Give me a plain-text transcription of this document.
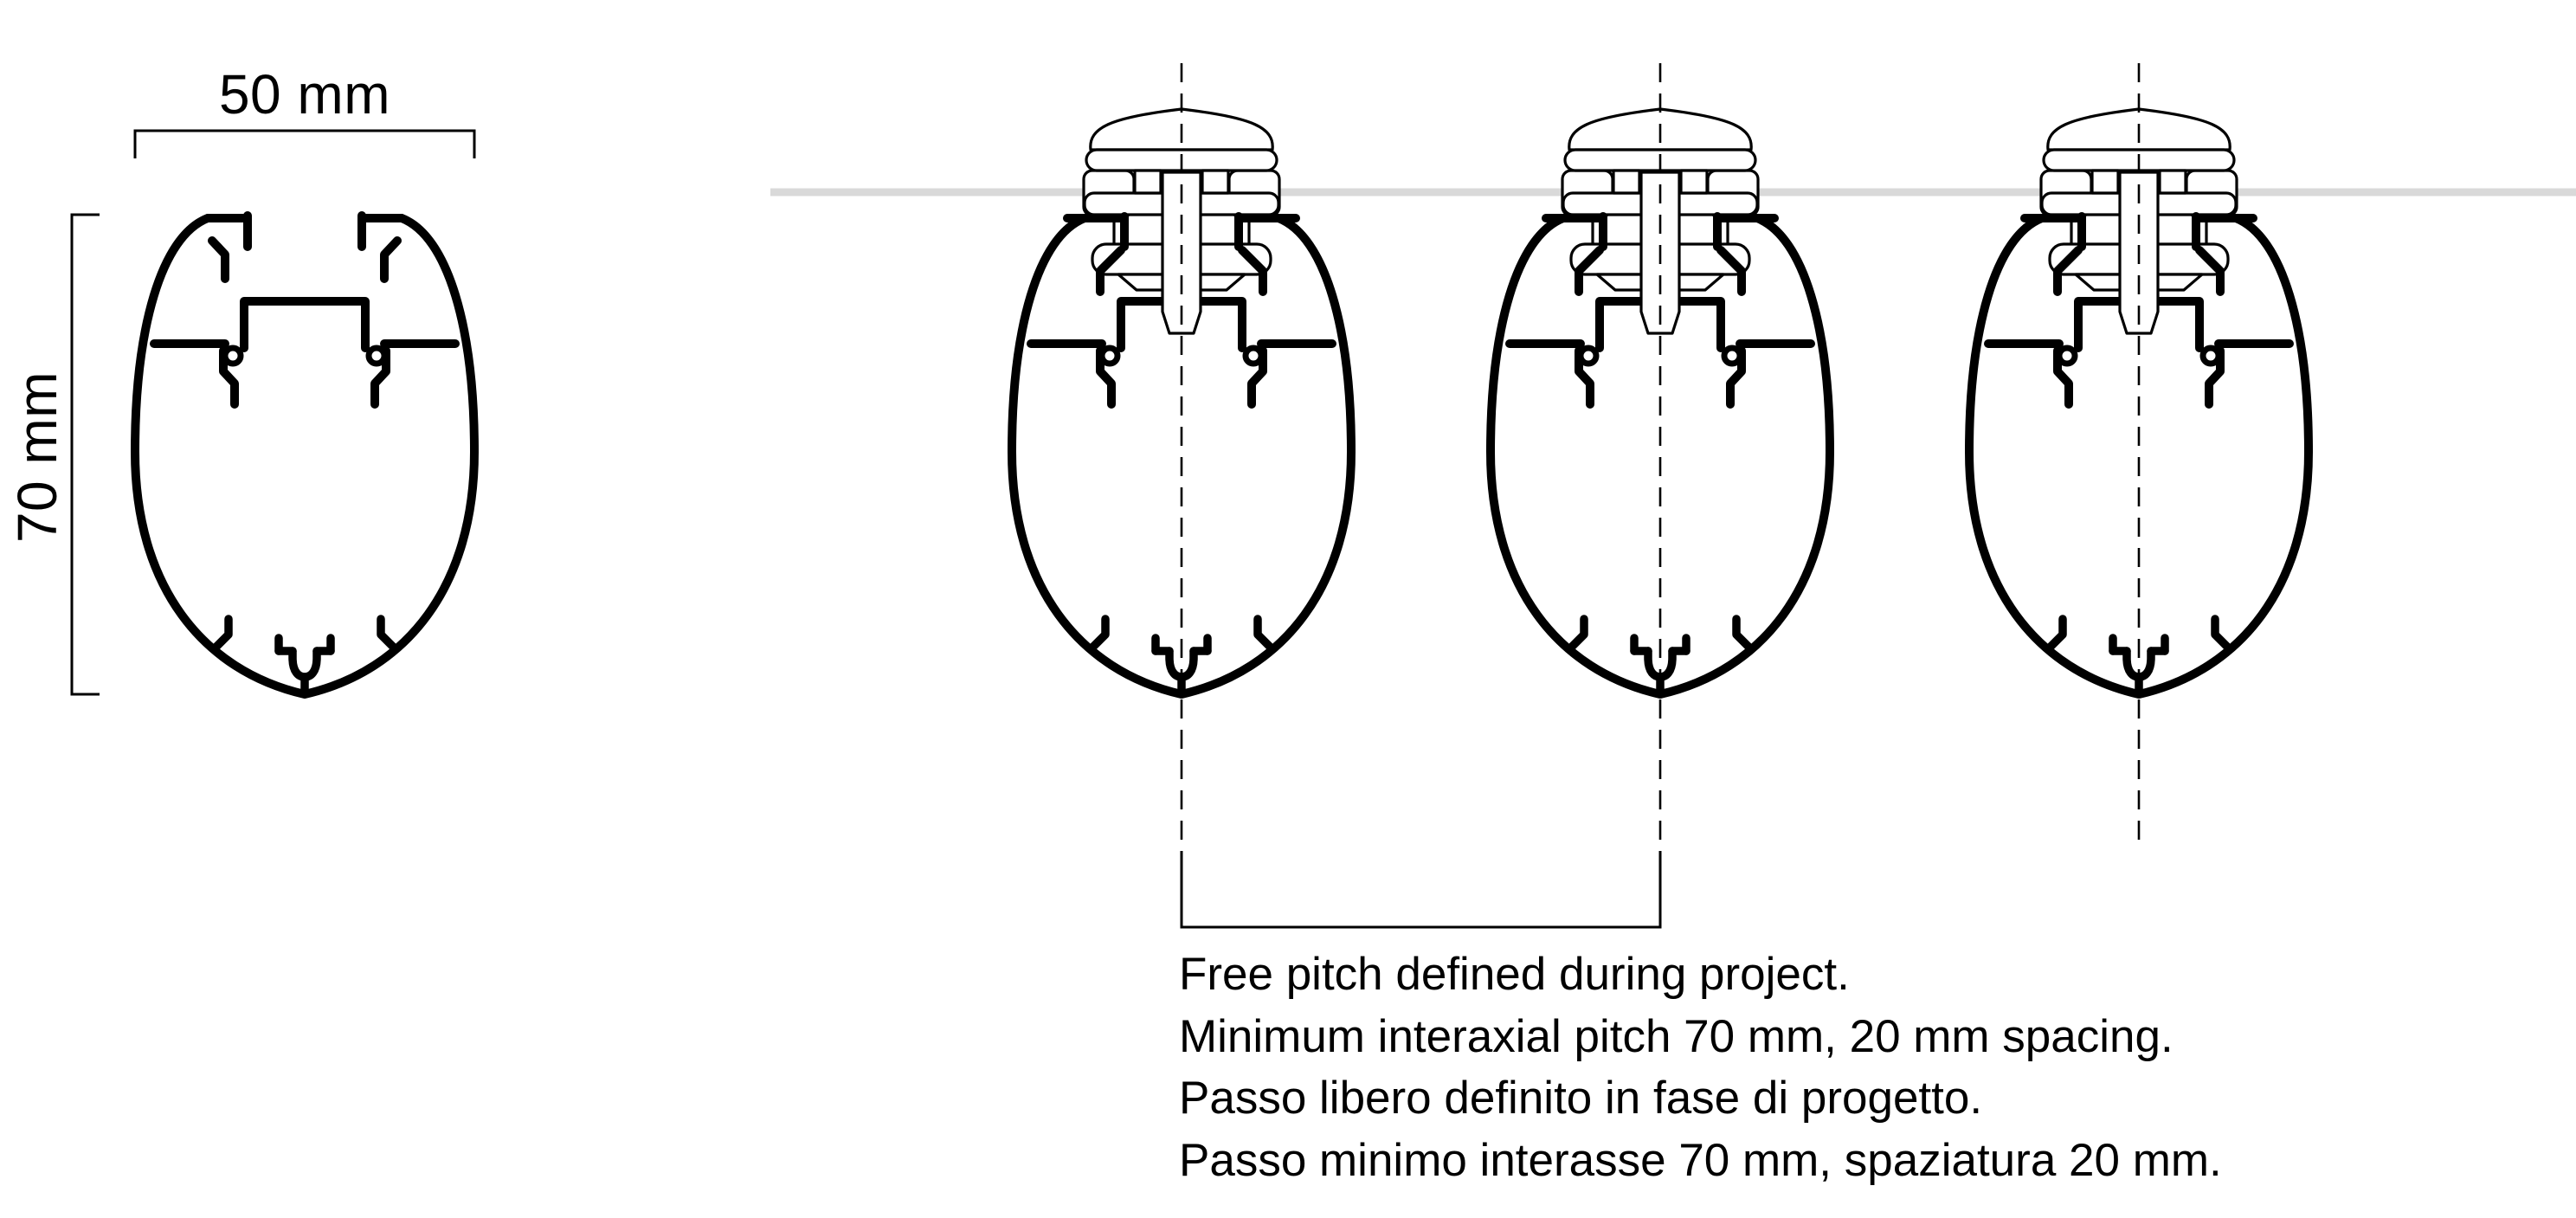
50 mm
70 mm
Free pitch defined during project.
Minimum interaxial pitch 70 mm, 20 mm spacing.
Passo libero definito in fase di progetto.
Passo minimo interasse 70 mm, spaziatura 20 mm.
